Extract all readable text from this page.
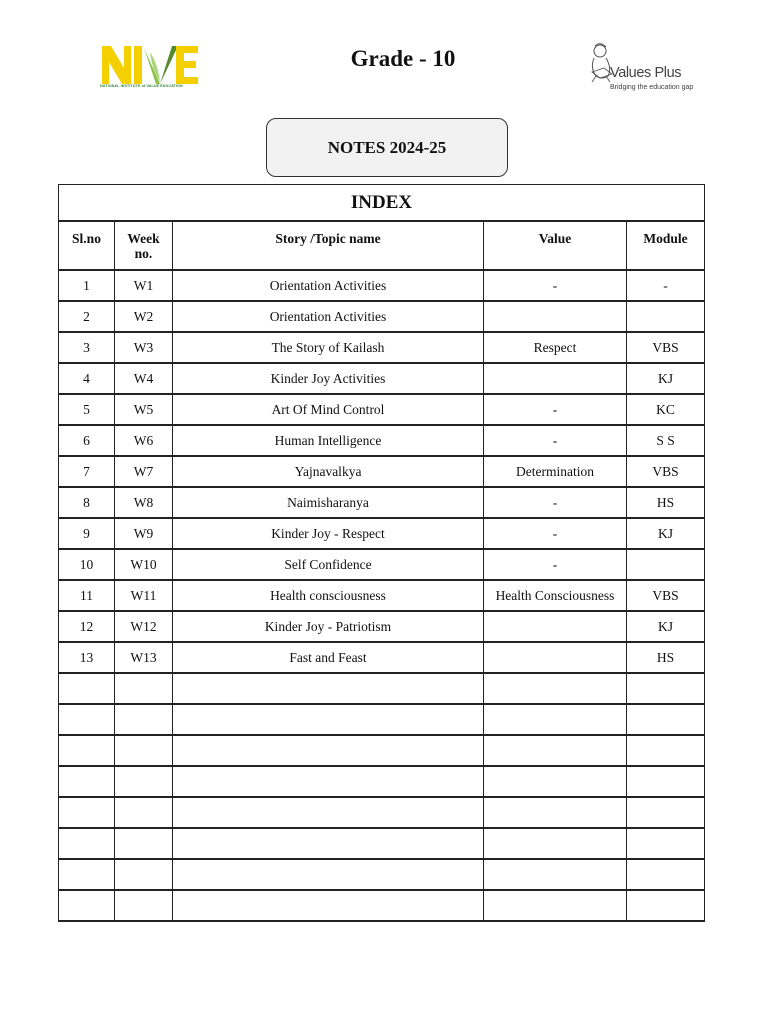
NATIONAL INSTITUTE of VALUE EDUCATION
Grade - 10
Values Plus
Bridging the education gap
NOTES 2024-25
INDEX				
Sl.no	Week no.	Story /Topic name	Value	Module
1	W1	Orientation Activities	-	-
2	W2	Orientation Activities		
3	W3	The Story of Kailash	Respect	VBS
4	W4	Kinder Joy Activities		KJ
5	W5	Art Of Mind Control	-	KC
6	W6	Human Intelligence	-	S S
7	W7	Yajnavalkya	Determination	VBS
8	W8	Naimisharanya	-	HS
9	W9	Kinder Joy - Respect	-	KJ
10	W10	Self Confidence	-	
11	W11	Health consciousness	Health Consciousness	VBS
12	W12	Kinder Joy - Patriotism		KJ
13	W13	Fast and Feast		HS
